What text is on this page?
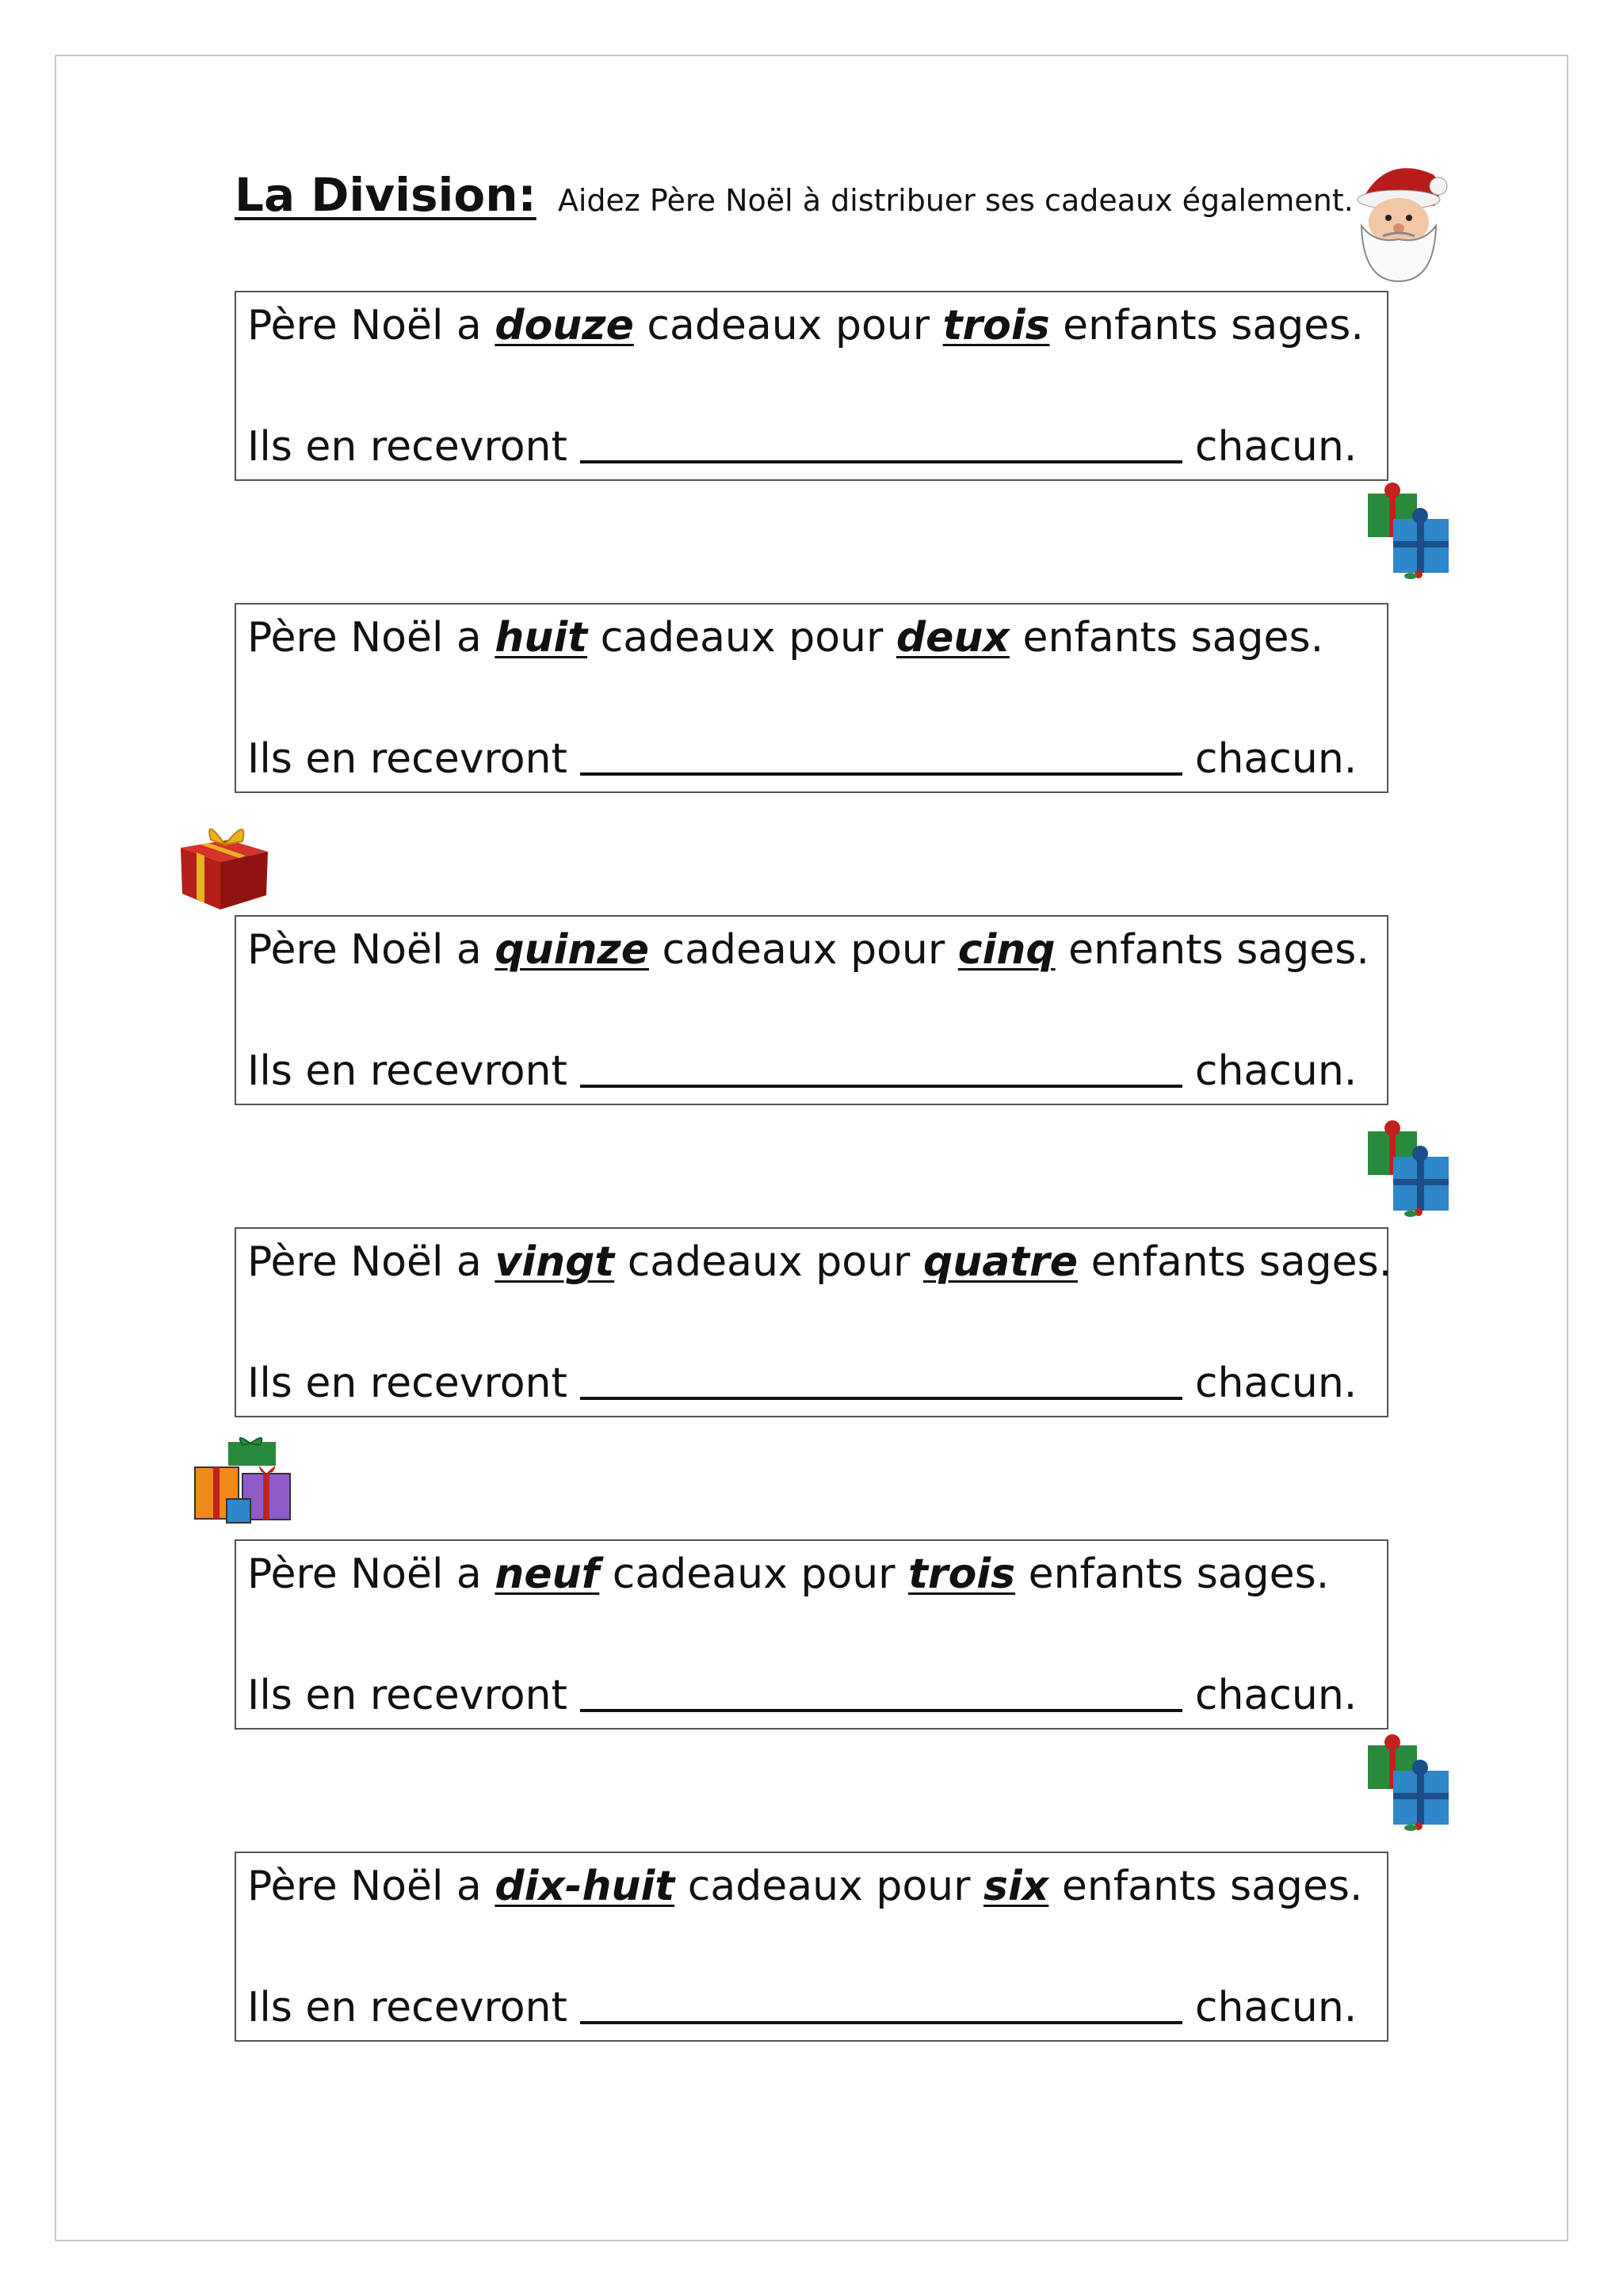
La Division: Aidez Père Noël à distribuer ses cadeaux également.
Père Noël a douze cadeaux pour trois enfants sages.
Ils en recevront	chacun.
Père Noël a huit cadeaux pour deux enfants sages.
Ils en recevront	chacun.
Père Noël a quinze cadeaux pour cinq enfants sages.
Ils en recevront	chacun.
Père Noël a vingt cadeaux pour quatre enfants sages.
Ils en recevront	chacun.
Père Noël a neuf cadeaux pour trois enfants sages.
Ils en recevront	chacun.
Père Noël a dix-huit cadeaux pour six enfants sages.
Ils en recevront	chacun.
